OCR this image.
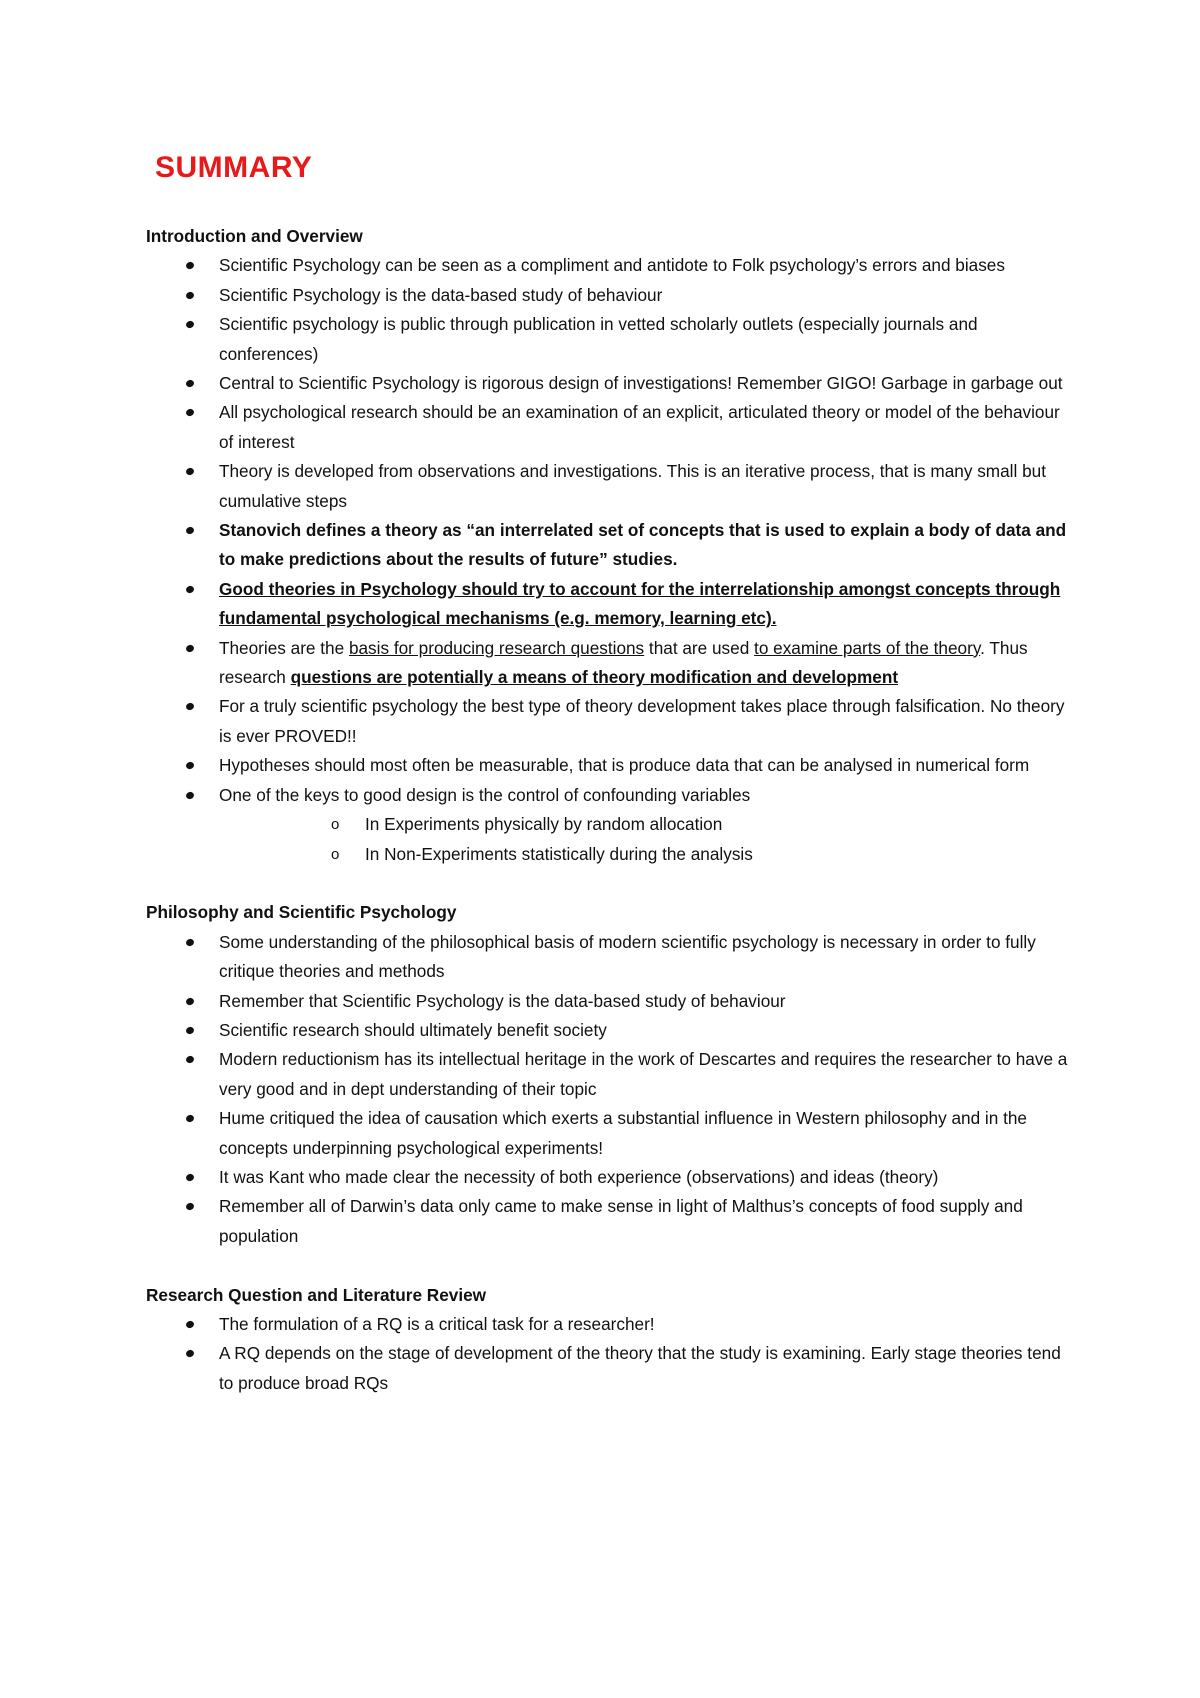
SUMMARY

Introduction and Overview

Scientific Psychology can be seen as a compliment and antidote to Folk psychology’s errors and biases
Scientific Psychology is the data-based study of behaviour
Scientific psychology is public through publication in vetted scholarly outlets (especially journals and conferences)
Central to Scientific Psychology is rigorous design of investigations! Remember GIGO! Garbage in garbage out
All psychological research should be an examination of an explicit, articulated theory or model of the behaviour of interest
Theory is developed from observations and investigations. This is an iterative process, that is many small but cumulative steps
Stanovich defines a theory as “an interrelated set of concepts that is used to explain a body of data and to make predictions about the results of future” studies.
Good theories in Psychology should try to account for the interrelationship amongst concepts through fundamental psychological mechanisms (e.g. memory, learning etc).
Theories are the basis for producing research questions that are used to examine parts of the theory. Thus research questions are potentially a means of theory modification and development
For a truly scientific psychology the best type of theory development takes place through falsification. No theory is ever PROVED!!
Hypotheses should most often be measurable, that is produce data that can be analysed in numerical form
One of the keys to good design is the control of confounding variables
o In Experiments physically by random allocation
o In Non-Experiments statistically during the analysis

Philosophy and Scientific Psychology

Some understanding of the philosophical basis of modern scientific psychology is necessary in order to fully critique theories and methods
Remember that Scientific Psychology is the data-based study of behaviour
Scientific research should ultimately benefit society
Modern reductionism has its intellectual heritage in the work of Descartes and requires the researcher to have a very good and in dept understanding of their topic
Hume critiqued the idea of causation which exerts a substantial influence in Western philosophy and in the concepts underpinning psychological experiments!
It was Kant who made clear the necessity of both experience (observations) and ideas (theory)
Remember all of Darwin’s data only came to make sense in light of Malthus’s concepts of food supply and population

Research Question and Literature Review

The formulation of a RQ is a critical task for a researcher!
A RQ depends on the stage of development of the theory that the study is examining. Early stage theories tend to produce broad RQs
